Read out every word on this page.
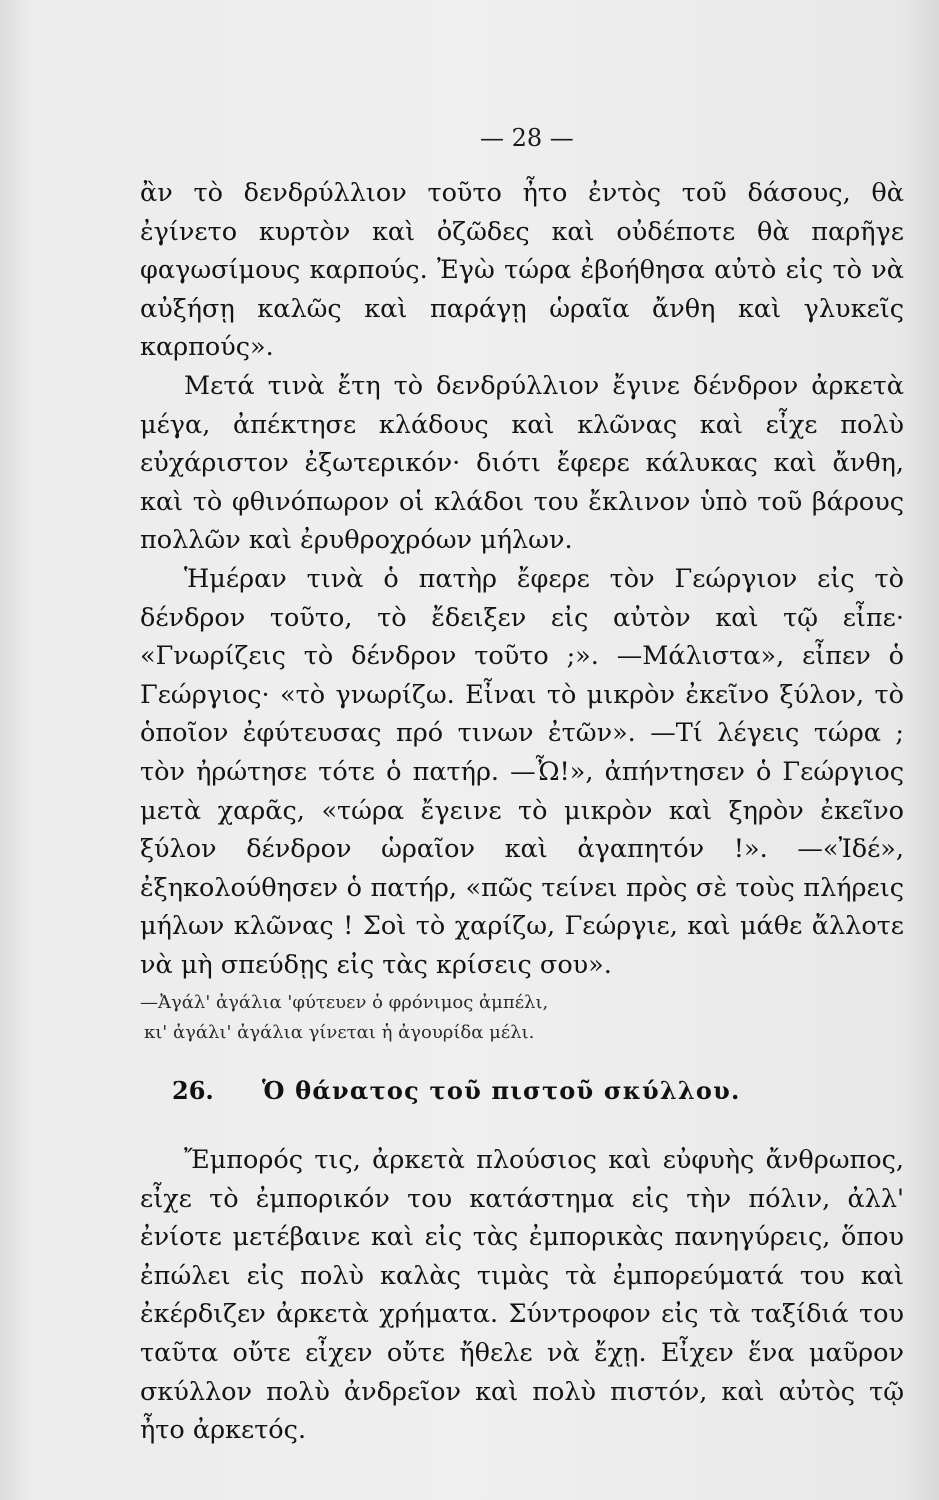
— 28 —

ἂν τὸ δενδρύλλιον τοῦτο ἦτο ἐντὸς τοῦ δάσους, θὰ ἐγίνετο κυρτὸν καὶ ὀζῶδες καὶ οὐδέποτε θὰ παρῆγε φαγωσίμους καρπούς. Ἐγὼ τώρα ἐβοήθησα αὐτὸ εἰς τὸ νὰ αὐξήσῃ καλῶς καὶ παράγῃ ὡραῖα ἄνθη καὶ γλυκεῖς καρπούς».

Μετά τινὰ ἔτη τὸ δενδρύλλιον ἔγινε δένδρον ἀρκετὰ μέγα, ἀπέκτησε κλάδους καὶ κλῶνας καὶ εἶχε πολὺ εὐχάριστον ἐξωτερικόν· διότι ἔφερε κάλυκας καὶ ἄνθη, καὶ τὸ φθινόπωρον οἱ κλάδοι του ἔκλινον ὑπὸ τοῦ βάρους πολλῶν καὶ ἐρυθροχρόων μήλων.

Ἡμέραν τινὰ ὁ πατὴρ ἔφερε τὸν Γεώργιον εἰς τὸ δένδρον τοῦτο, τὸ ἔδειξεν εἰς αὐτὸν καὶ τῷ εἶπε· «Γνωρίζεις τὸ δένδρον τοῦτο ;». —Μάλιστα», εἶπεν ὁ Γεώργιος· «τὸ γνωρίζω. Εἶναι τὸ μικρὸν ἐκεῖνο ξύλον, τὸ ὁποῖον ἐφύτευσας πρό τινων ἐτῶν». —Τί λέγεις τώρα ; τὸν ἠρώτησε τότε ὁ πατήρ. —Ὦ!», ἀπήντησεν ὁ Γεώργιος μετὰ χαρᾶς, «τώρα ἔγεινε τὸ μικρὸν καὶ ξηρὸν ἐκεῖνο ξύλον δένδρον ὡραῖον καὶ ἀγαπητόν !». —«Ἰδέ», ἐξηκολούθησεν ὁ πατήρ, «πῶς τείνει πρὸς σὲ τοὺς πλήρεις μήλων κλῶνας ! Σοὶ τὸ χαρίζω, Γεώργιε, καὶ μάθε ἄλλοτε νὰ μὴ σπεύδῃς εἰς τὰς κρίσεις σου».

—Ἀγάλ' ἀγάλια 'φύτευεν ὁ φρόνιμος ἀμπέλι,
κι' ἀγάλι' ἀγάλια γίνεται ἡ ἀγουρίδα μέλι.
26.	Ὁ θάνατος τοῦ πιστοῦ σκύλλου.

Ἔμπορός τις, ἀρκετὰ πλούσιος καὶ εὐφυὴς ἄνθρωπος, εἶχε τὸ ἐμπορικόν του κατάστημα εἰς τὴν πόλιν, ἀλλ' ἐνίοτε μετέβαινε καὶ εἰς τὰς ἐμπορικὰς πανηγύρεις, ὅπου ἐπώλει εἰς πολὺ καλὰς τιμὰς τὰ ἐμπορεύματά του καὶ ἐκέρδιζεν ἀρκετὰ χρήματα. Σύντροφον εἰς τὰ ταξίδιά του ταῦτα οὔτε εἶχεν οὔτε ἤθελε νὰ ἔχῃ. Εἶχεν ἕνα μαῦρον σκύλλον πολὺ ἀνδρεῖον καὶ πολὺ πιστόν, καὶ αὐτὸς τῷ ἦτο ἀρκετός.
